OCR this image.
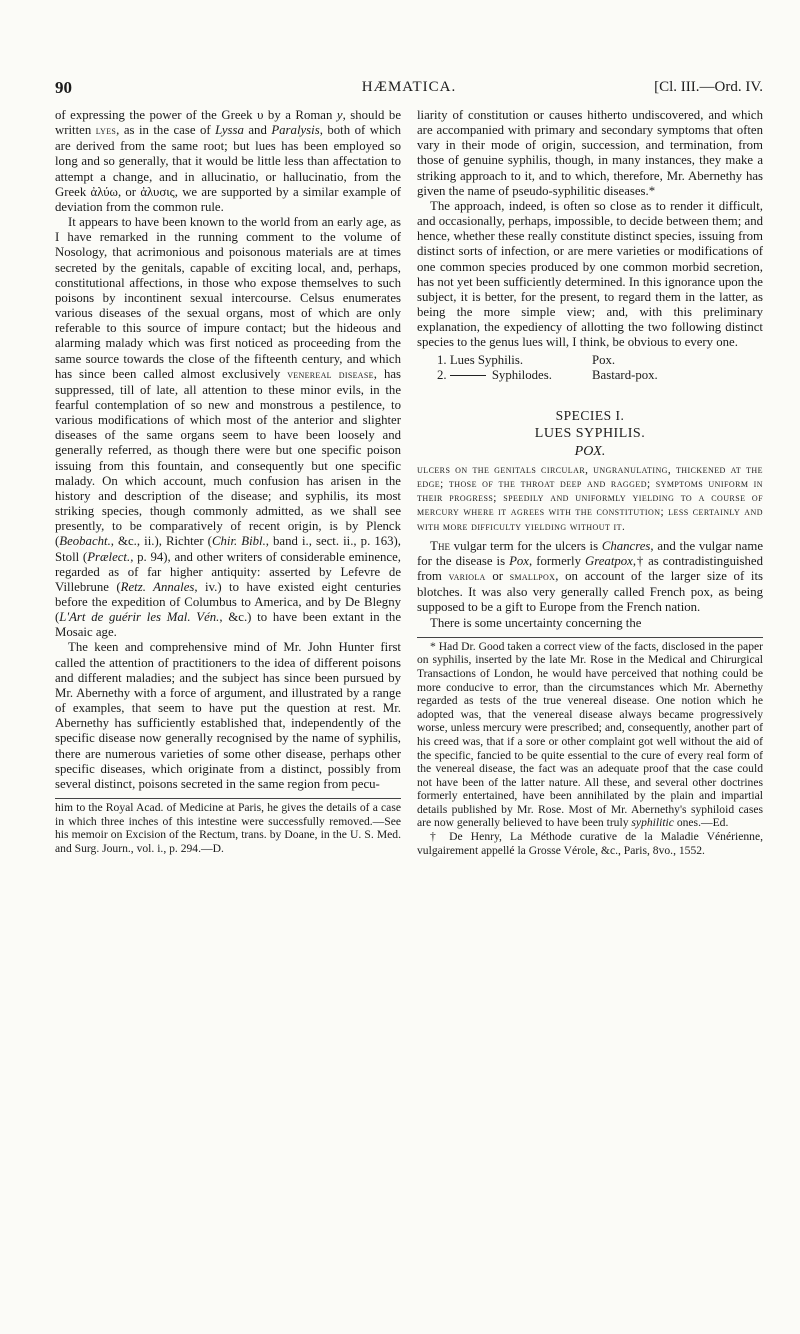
90	HÆMATICA.	[Cl. III.—Ord. IV.

of expressing the power of the Greek υ by a Roman y, should be written lyes, as in the case of Lyssa and Paralysis, both of which are derived from the same root; but lues has been employed so long and so generally, that it would be little less than affectation to attempt a change, and in allucinatio, or hallucinatio, from the Greek ἀλύω, or ἀλυσις, we are supported by a similar example of deviation from the common rule.

It appears to have been known to the world from an early age, as I have remarked in the running comment to the volume of Nosology, that acrimonious and poisonous materials are at times secreted by the genitals, capable of exciting local, and, perhaps, constitutional affections, in those who expose themselves to such poisons by incontinent sexual intercourse. Celsus enumerates various diseases of the sexual organs, most of which are only referable to this source of impure contact; but the hideous and alarming malady which was first noticed as proceeding from the same source towards the close of the fifteenth century, and which has since been called almost exclusively venereal disease, has suppressed, till of late, all attention to these minor evils, in the fearful contemplation of so new and monstrous a pestilence, to various modifications of which most of the anterior and slighter diseases of the same organs seem to have been loosely and generally referred, as though there were but one specific poison issuing from this fountain, and consequently but one specific malady. On which account, much confusion has arisen in the history and description of the disease; and syphilis, its most striking species, though commonly admitted, as we shall see presently, to be comparatively of recent origin, is by Plenck (Beobacht., &c., ii.), Richter (Chir. Bibl., band i., sect. ii., p. 163), Stoll (Prælect., p. 94), and other writers of considerable eminence, regarded as of far higher antiquity: asserted by Lefevre de Villebrune (Retz. Annales, iv.) to have existed eight centuries before the expedition of Columbus to America, and by De Blegny (L'Art de guérir les Mal. Vén., &c.) to have been extant in the Mosaic age.

The keen and comprehensive mind of Mr. John Hunter first called the attention of practitioners to the idea of different poisons and different maladies; and the subject has since been pursued by Mr. Abernethy with a force of argument, and illustrated by a range of examples, that seem to have put the question at rest. Mr. Abernethy has sufficiently established that, independently of the specific disease now generally recognised by the name of syphilis, there are numerous varieties of some other disease, perhaps other specific diseases, which originate from a distinct, possibly from several distinct, poisons secreted in the same region from pecu-

him to the Royal Acad. of Medicine at Paris, he gives the details of a case in which three inches of this intestine were successfully removed.—See his memoir on Excision of the Rectum, trans. by Doane, in the U. S. Med. and Surg. Journ., vol. i., p. 294.—D.

liarity of constitution or causes hitherto undiscovered, and which are accompanied with primary and secondary symptoms that often vary in their mode of origin, succession, and termination, from those of genuine syphilis, though, in many instances, they make a striking approach to it, and to which, therefore, Mr. Abernethy has given the name of pseudo-syphilitic diseases.*

The approach, indeed, is often so close as to render it difficult, and occasionally, perhaps, impossible, to decide between them; and hence, whether these really constitute distinct species, issuing from distinct sorts of infection, or are mere varieties or modifications of one common species produced by one common morbid secretion, has not yet been sufficiently determined. In this ignorance upon the subject, it is better, for the present, to regard them in the latter, as being the more simple view; and, with this preliminary explanation, the expediency of allotting the two following distinct species to the genus lues will, I think, be obvious to every one.

1. Lues Syphilis.	Pox.
2.	Syphilodes.	Bastard-pox.
SPECIES I.
LUES SYPHILIS.
POX.
ulcers on the genitals circular, ungranulating, thickened at the edge; those of the throat deep and ragged; symptoms uniform in their progress; speedily and uniformly yielding to a course of mercury where it agrees with the constitution; less certainly and with more difficulty yielding without it.

The vulgar term for the ulcers is Chancres, and the vulgar name for the disease is Pox, formerly Greatpox,† as contradistinguished from variola or smallpox, on account of the larger size of its blotches. It was also very generally called French pox, as being supposed to be a gift to Europe from the French nation.

There is some uncertainty concerning the

* Had Dr. Good taken a correct view of the facts, disclosed in the paper on syphilis, inserted by the late Mr. Rose in the Medical and Chirurgical Transactions of London, he would have perceived that nothing could be more conducive to error, than the circumstances which Mr. Abernethy regarded as tests of the true venereal disease. One notion which he adopted was, that the venereal disease always became progressively worse, unless mercury were prescribed; and, consequently, another part of his creed was, that if a sore or other complaint got well without the aid of the specific, fancied to be quite essential to the cure of every real form of the venereal disease, the fact was an adequate proof that the case could not have been of the latter nature. All these, and several other doctrines formerly entertained, have been annihilated by the plain and impartial details published by Mr. Rose. Most of Mr. Abernethy's syphiloid cases are now generally believed to have been truly syphilitic ones.—Ed.

† De Henry, La Méthode curative de la Maladie Vénérienne, vulgairement appellé la Grosse Vérole, &c., Paris, 8vo., 1552.
